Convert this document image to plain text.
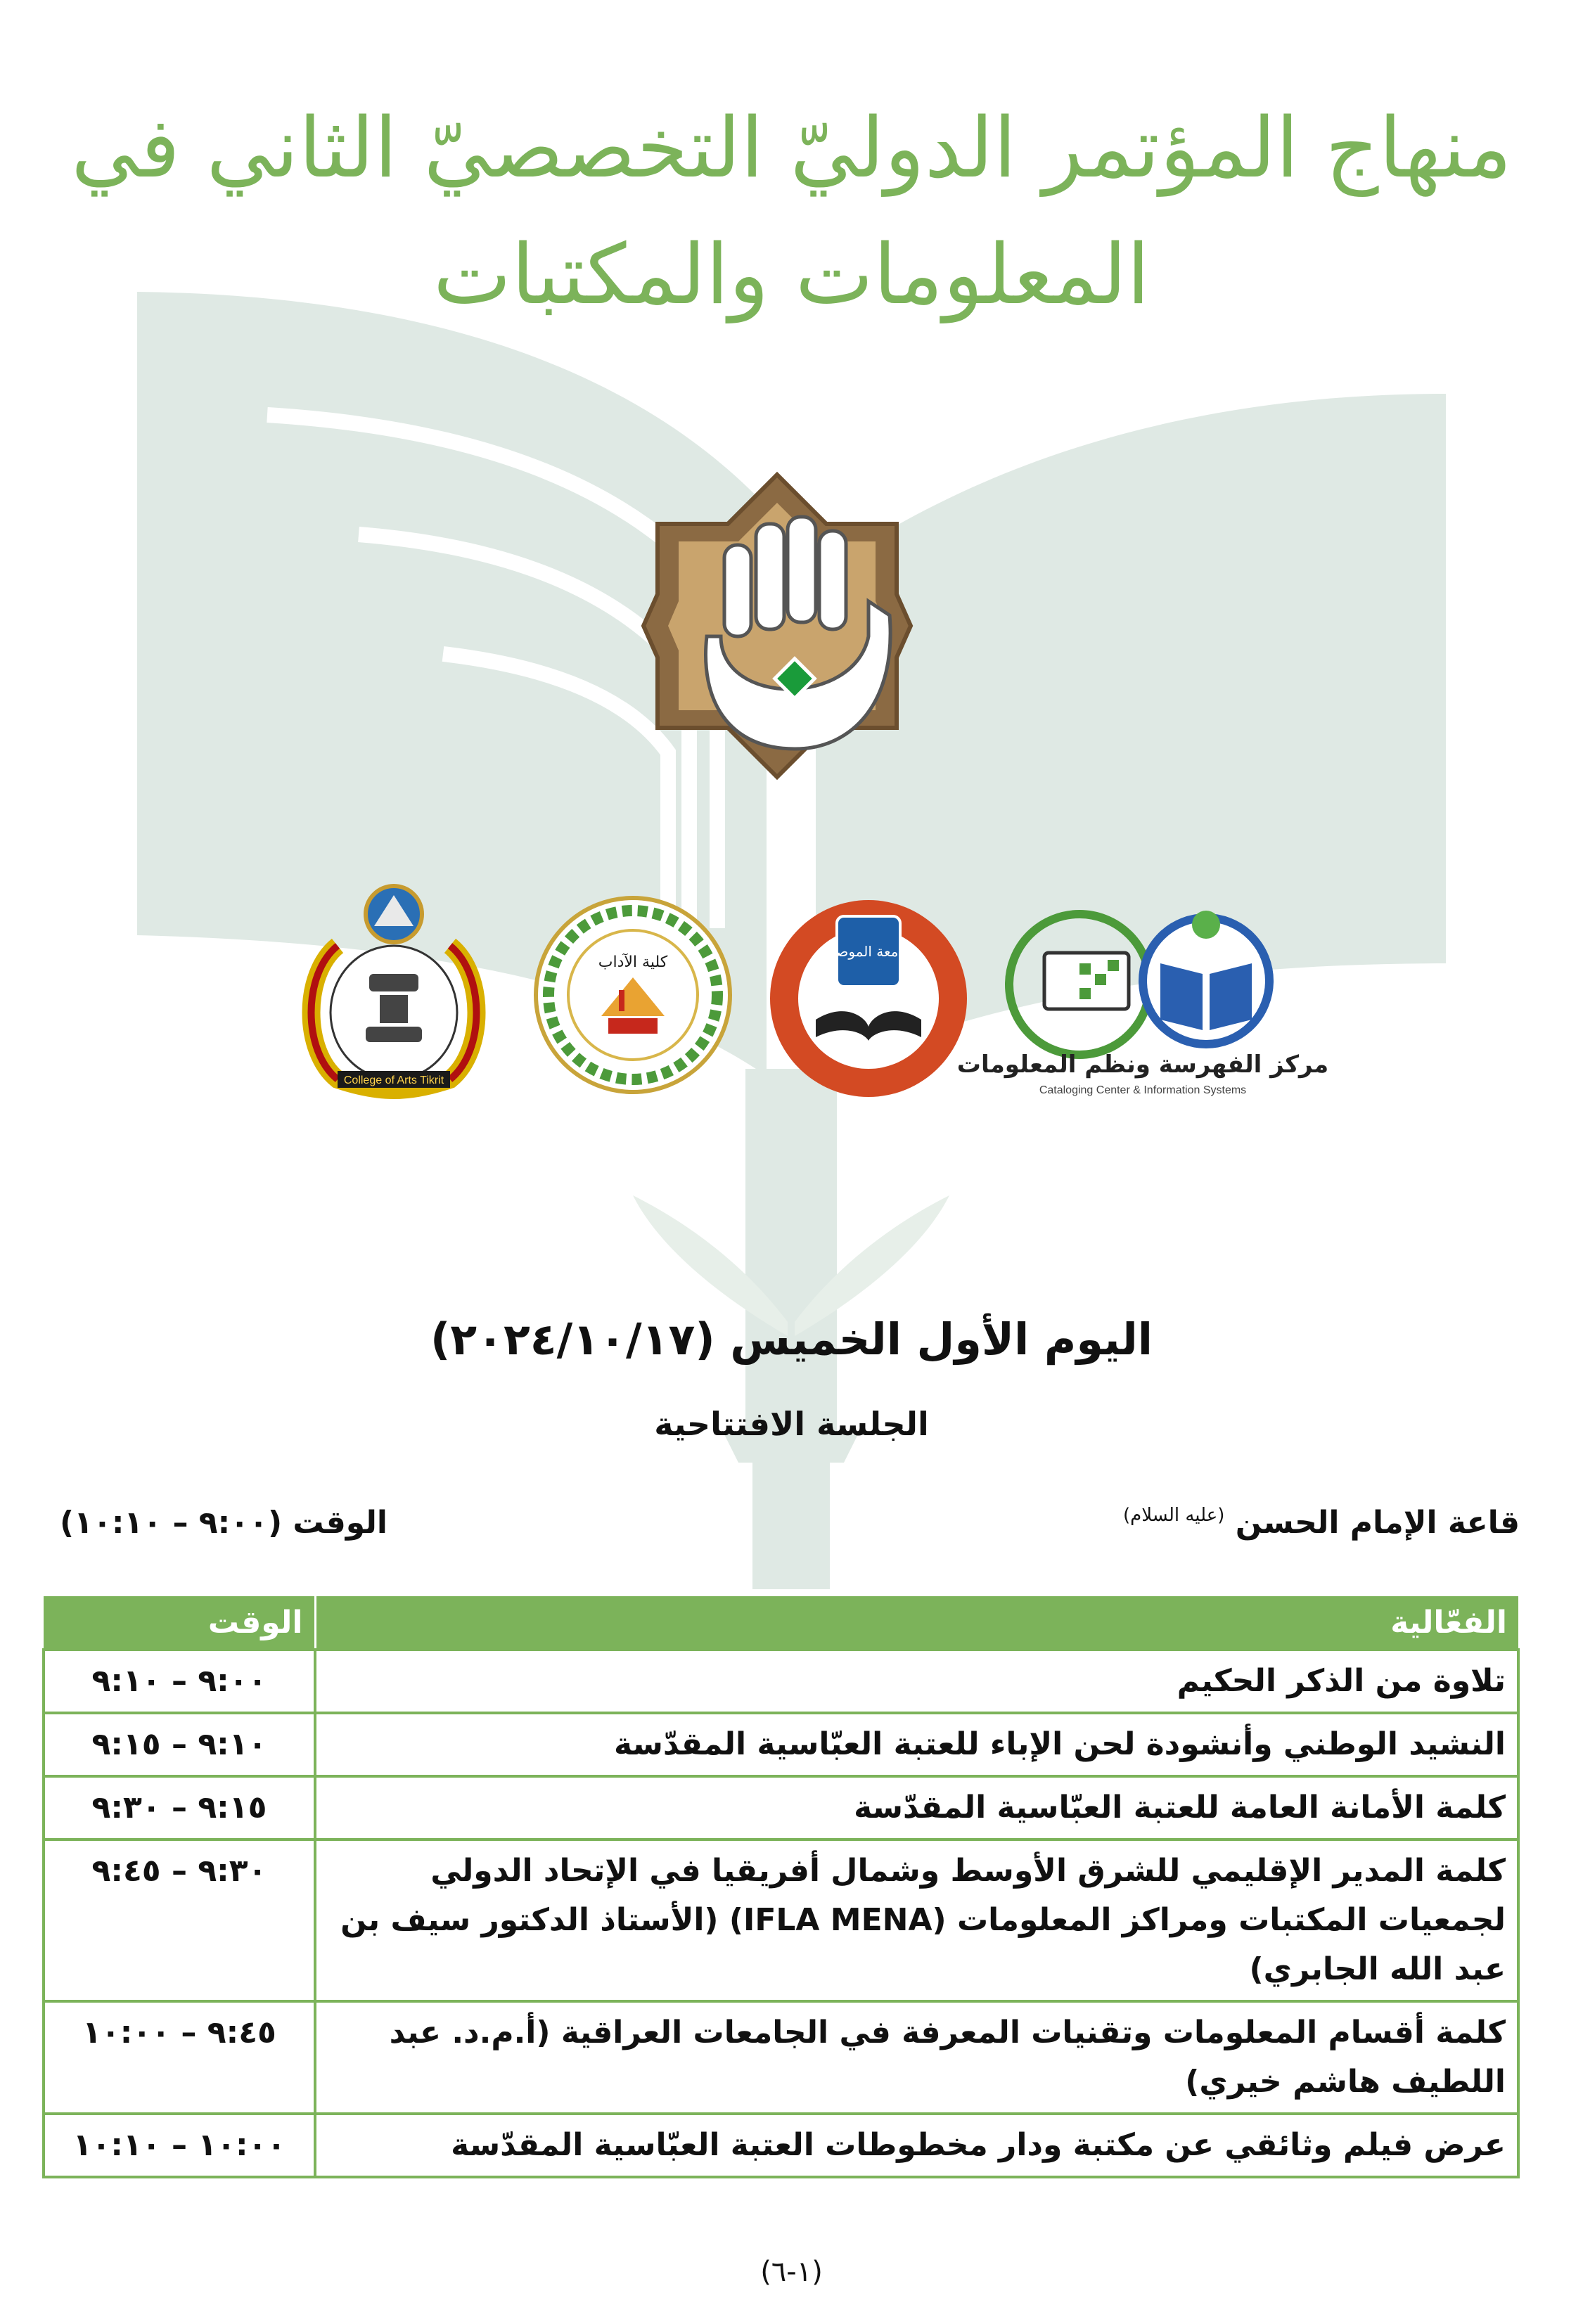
منهاج المؤتمر الدوليّ التخصصيّ الثاني في
المعلومات والمكتبات
College of Arts Tikrit
كلية الآداب
جامعة الموصل
مركز الفهرسة ونظم المعلومات
Cataloging Center & Information Systems
اليوم الأول الخميس (٢٠٢٤/١٠/١٧)
الجلسة الافتتاحية
قاعة الإمام الحسن $^{(عليه السلام)}$
الوقت (٩:٠٠ – ١٠:١٠)
الفعّالية	الوقت
تلاوة من الذكر الحكيم	٩:٠٠ – ٩:١٠
النشيد الوطني وأنشودة لحن الإباء للعتبة العبّاسية المقدّسة	٩:١٠ – ٩:١٥
كلمة الأمانة العامة للعتبة العبّاسية المقدّسة	٩:١٥ – ٩:٣٠
كلمة المدير الإقليمي للشرق الأوسط وشمال أفريقيا في الإتحاد الدولي لجمعيات المكتبات ومراكز المعلومات (IFLA MENA) (الأستاذ الدكتور سيف بن عبد الله الجابري)	٩:٣٠ – ٩:٤٥
كلمة أقسام المعلومات وتقنيات المعرفة في الجامعات العراقية (أ.م.د. عبد اللطيف هاشم خيري)	٩:٤٥ – ١٠:٠٠
عرض فيلم وثائقي عن مكتبة ودار مخطوطات العتبة العبّاسية المقدّسة	١٠:٠٠ – ١٠:١٠
(١-٦)
